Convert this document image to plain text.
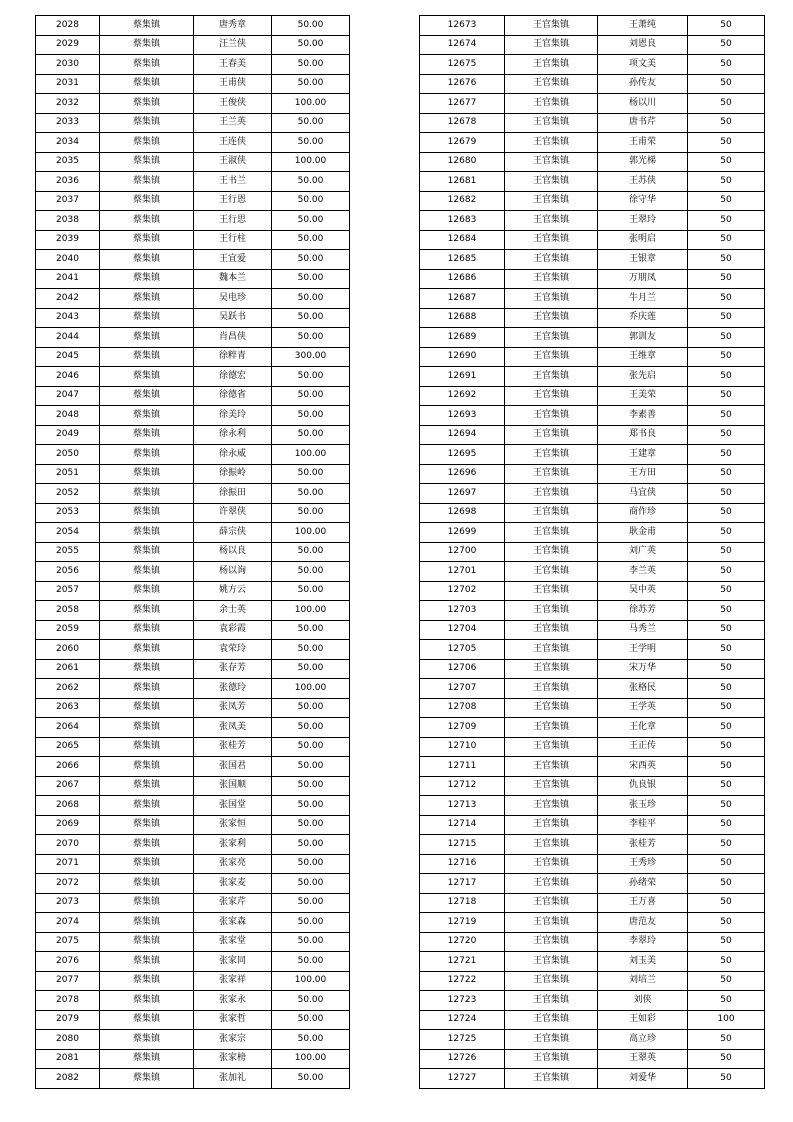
2028	蔡集镇	唐秀章	50.00
2029	蔡集镇	汪兰侠	50.00
2030	蔡集镇	王春美	50.00
2031	蔡集镇	王甫侠	50.00
2032	蔡集镇	王俊侠	100.00
2033	蔡集镇	王兰英	50.00
2034	蔡集镇	王连侠	50.00
2035	蔡集镇	王淑侠	100.00
2036	蔡集镇	王书兰	50.00
2037	蔡集镇	王行恩	50.00
2038	蔡集镇	王行思	50.00
2039	蔡集镇	王行柱	50.00
2040	蔡集镇	王宜爱	50.00
2041	蔡集镇	魏本兰	50.00
2042	蔡集镇	吴电珍	50.00
2043	蔡集镇	吴跃书	50.00
2044	蔡集镇	肖昌侠	50.00
2045	蔡集镇	徐粹青	300.00
2046	蔡集镇	徐德宏	50.00
2047	蔡集镇	徐德省	50.00
2048	蔡集镇	徐美玲	50.00
2049	蔡集镇	徐永利	50.00
2050	蔡集镇	徐永威	100.00
2051	蔡集镇	徐振岭	50.00
2052	蔡集镇	徐振田	50.00
2053	蔡集镇	许翠侠	50.00
2054	蔡集镇	薛宗侠	100.00
2055	蔡集镇	杨以良	50.00
2056	蔡集镇	杨以询	50.00
2057	蔡集镇	姚方云	50.00
2058	蔡集镇	余士英	100.00
2059	蔡集镇	袁彩霞	50.00
2060	蔡集镇	袁荣玲	50.00
2061	蔡集镇	张存芳	50.00
2062	蔡集镇	张德玲	100.00
2063	蔡集镇	张凤芳	50.00
2064	蔡集镇	张凤美	50.00
2065	蔡集镇	张桂芳	50.00
2066	蔡集镇	张国君	50.00
2067	蔡集镇	张国顺	50.00
2068	蔡集镇	张国堂	50.00
2069	蔡集镇	张家恒	50.00
2070	蔡集镇	张家利	50.00
2071	蔡集镇	张家亮	50.00
2072	蔡集镇	张家麦	50.00
2073	蔡集镇	张家芹	50.00
2074	蔡集镇	张家森	50.00
2075	蔡集镇	张家堂	50.00
2076	蔡集镇	张家同	50.00
2077	蔡集镇	张家祥	100.00
2078	蔡集镇	张家永	50.00
2079	蔡集镇	张家哲	50.00
2080	蔡集镇	张家宗	50.00
2081	蔡集镇	张家榜	100.00
2082	蔡集镇	张加礼	50.00
12673	王官集镇	王萧纯	50
12674	王官集镇	刘恩良	50
12675	王官集镇	项文美	50
12676	王官集镇	孙传友	50
12677	王官集镇	杨以川	50
12678	王官集镇	唐书芹	50
12679	王官集镇	王甫荣	50
12680	王官集镇	郭光梯	50
12681	王官集镇	王苏侠	50
12682	王官集镇	徐守华	50
12683	王官集镇	王翠玲	50
12684	王官集镇	张明启	50
12685	王官集镇	王银章	50
12686	王官集镇	万朋凤	50
12687	王官集镇	牛月兰	50
12688	王官集镇	乔庆莲	50
12689	王官集镇	郭训友	50
12690	王官集镇	王维章	50
12691	王官集镇	张先启	50
12692	王官集镇	王美荣	50
12693	王官集镇	李素善	50
12694	王官集镇	郑书良	50
12695	王官集镇	王建章	50
12696	王官集镇	王方田	50
12697	王官集镇	马宜侠	50
12698	王官集镇	商作珍	50
12699	王官集镇	耿金甫	50
12700	王官集镇	刘广英	50
12701	王官集镇	李兰英	50
12702	王官集镇	吴中英	50
12703	王官集镇	徐苏芳	50
12704	王官集镇	马秀兰	50
12705	王官集镇	王学明	50
12706	王官集镇	宋万华	50
12707	王官集镇	张格民	50
12708	王官集镇	王学英	50
12709	王官集镇	王化章	50
12710	王官集镇	王正传	50
12711	王官集镇	宋西英	50
12712	王官集镇	仇良银	50
12713	王官集镇	张玉珍	50
12714	王官集镇	李桂平	50
12715	王官集镇	张桂芳	50
12716	王官集镇	王秀珍	50
12717	王官集镇	孙绪荣	50
12718	王官集镇	王万喜	50
12719	王官集镇	唐范友	50
12720	王官集镇	李翠玲	50
12721	王官集镇	刘玉美	50
12722	王官集镇	刘培兰	50
12723	王官集镇	刘侠	50
12724	王官集镇	王如彩	100
12725	王官集镇	高立珍	50
12726	王官集镇	王翠英	50
12727	王官集镇	刘爱华	50
